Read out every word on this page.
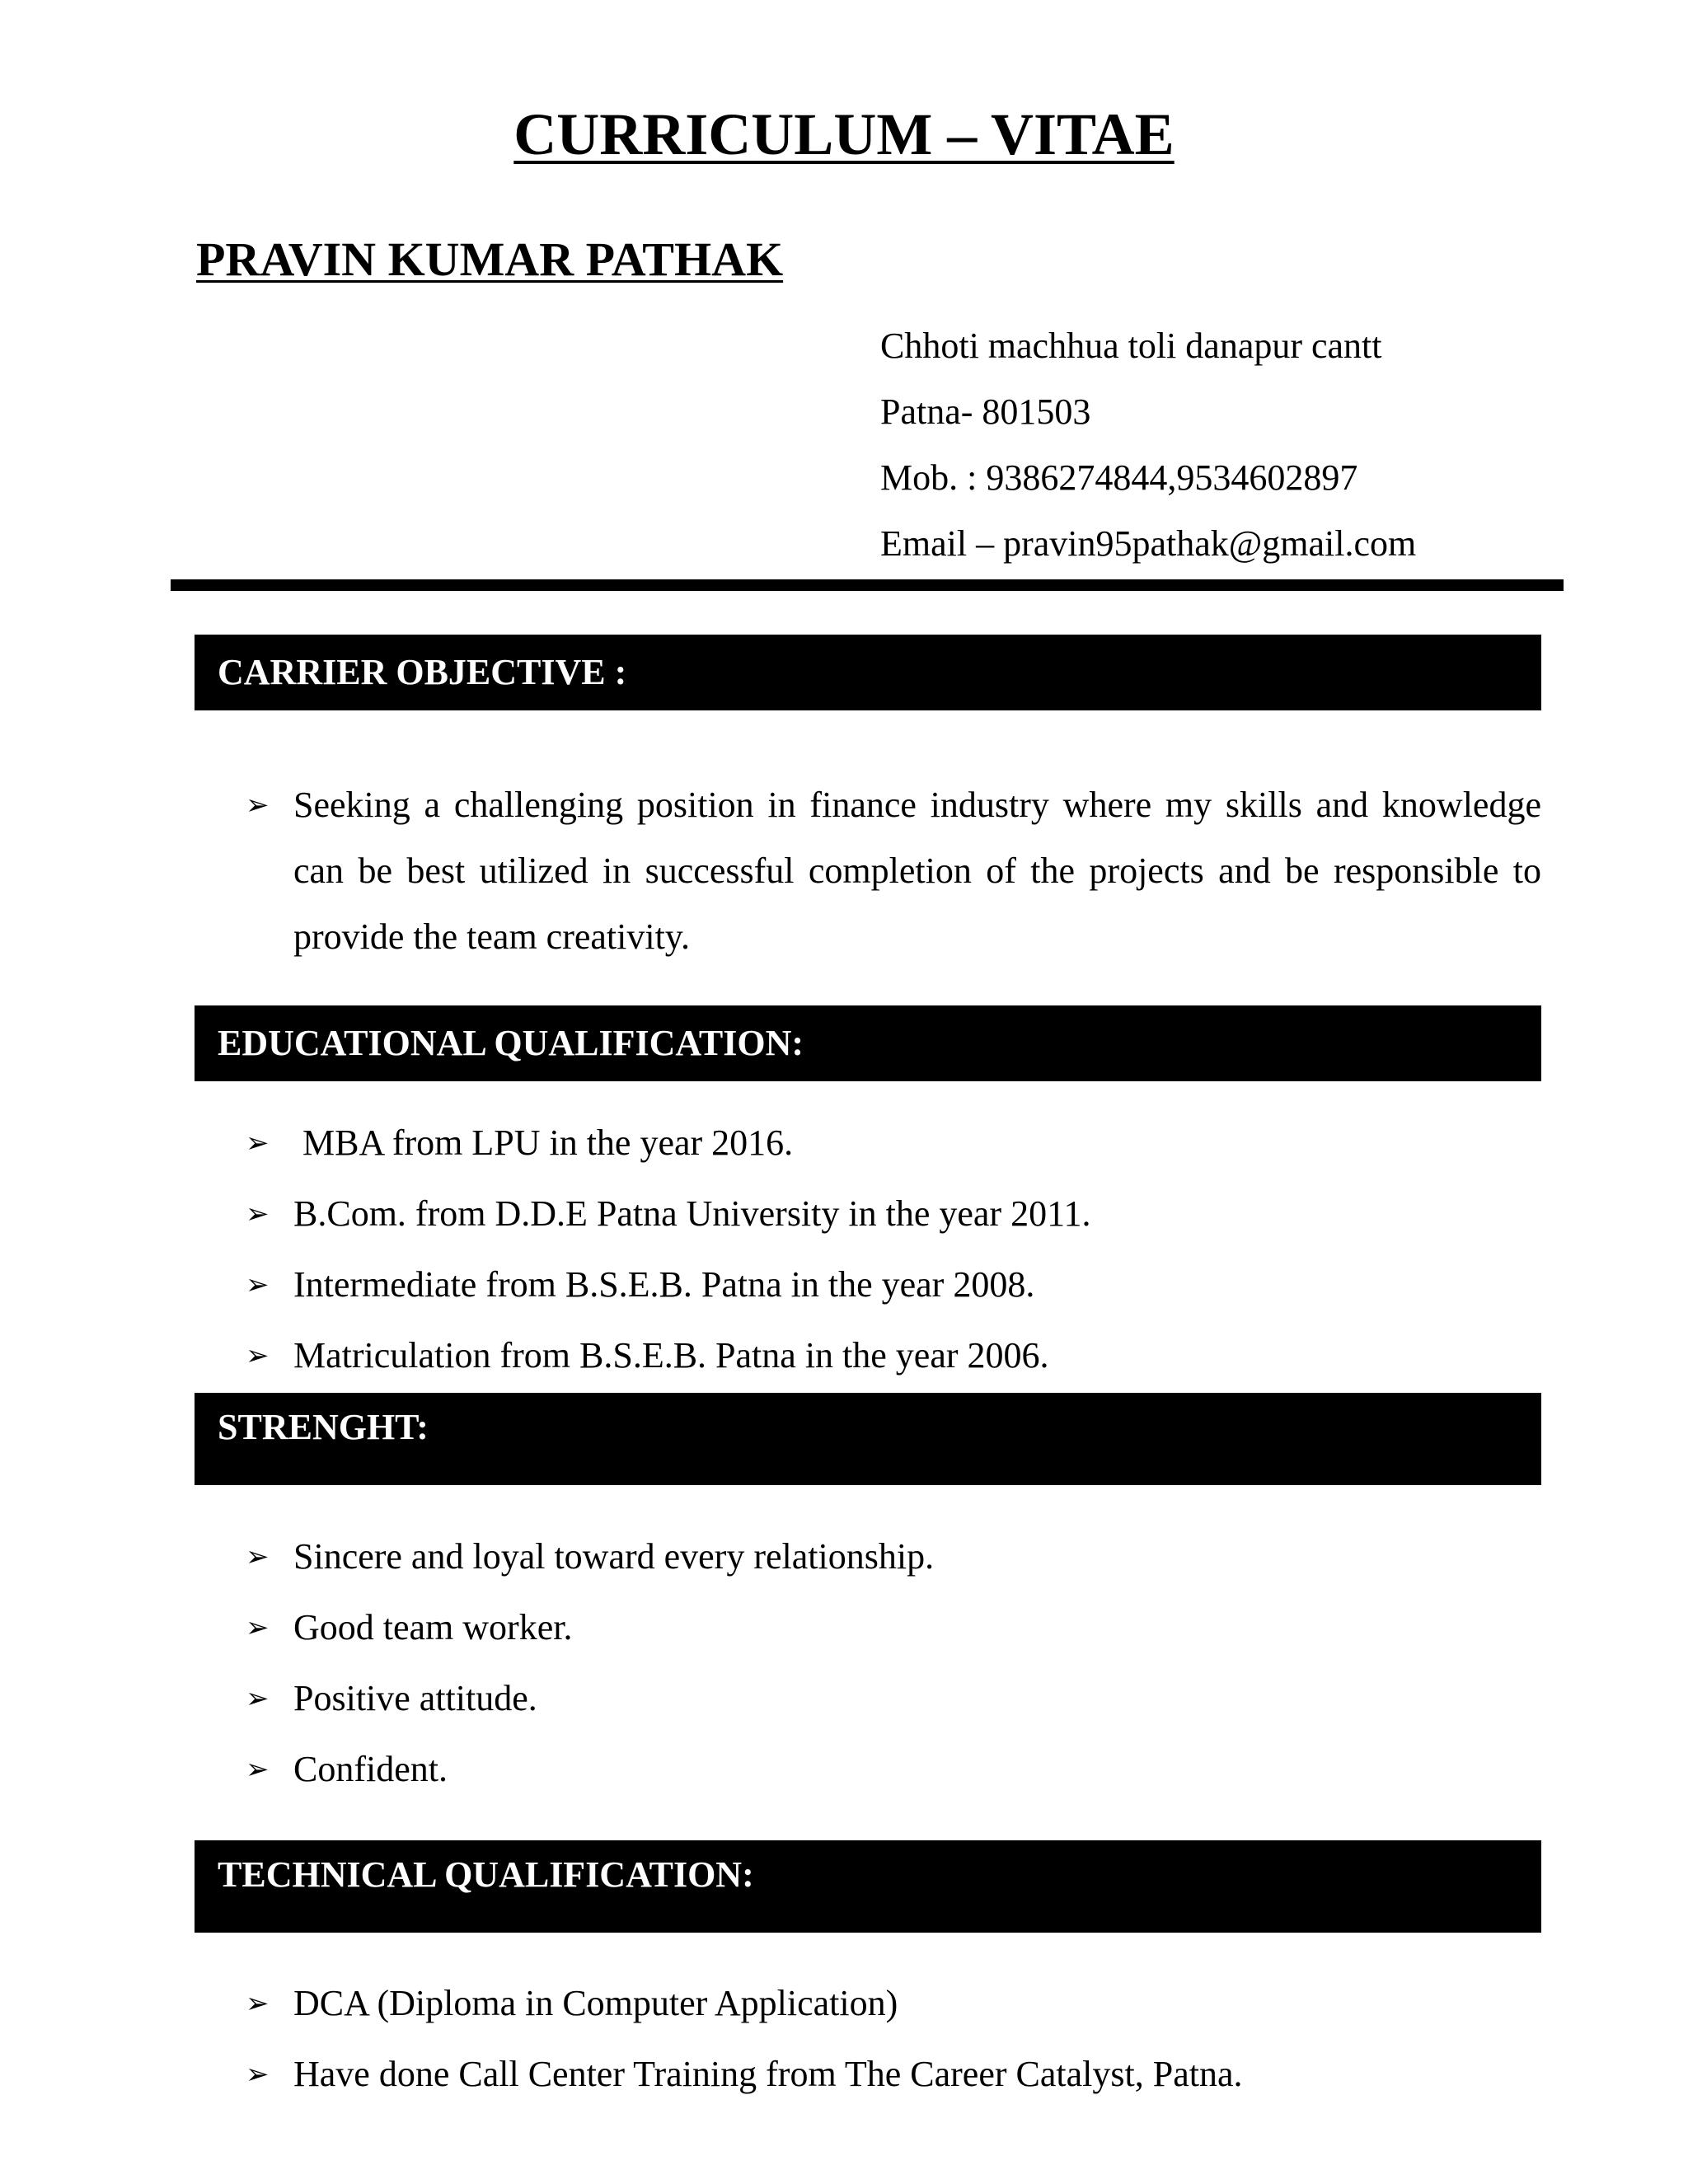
CURRICULUM – VITAE
PRAVIN KUMAR PATHAK
Chhoti machhua toli danapur cantt
Patna- 801503
Mob. : 9386274844,9534602897
Email – pravin95pathak@gmail.com
CARRIER OBJECTIVE :
➢ Seeking a challenging position in finance industry where my skills and knowledge can be best utilized in successful completion of the projects and be responsible to provide the team creativity.

EDUCATIONAL QUALIFICATION:
➢ MBA from LPU in the year 2016.
➢ B.Com. from D.D.E Patna University in the year 2011.
➢ Intermediate from B.S.E.B. Patna in the year 2008.
➢ Matriculation from B.S.E.B. Patna in the year 2006.
STRENGHT:
➢ Sincere and loyal toward every relationship.
➢ Good team worker.
➢ Positive attitude.
➢ Confident.
TECHNICAL QUALIFICATION:
➢ DCA (Diploma in Computer Application)
➢ Have done Call Center Training from The Career Catalyst, Patna.
